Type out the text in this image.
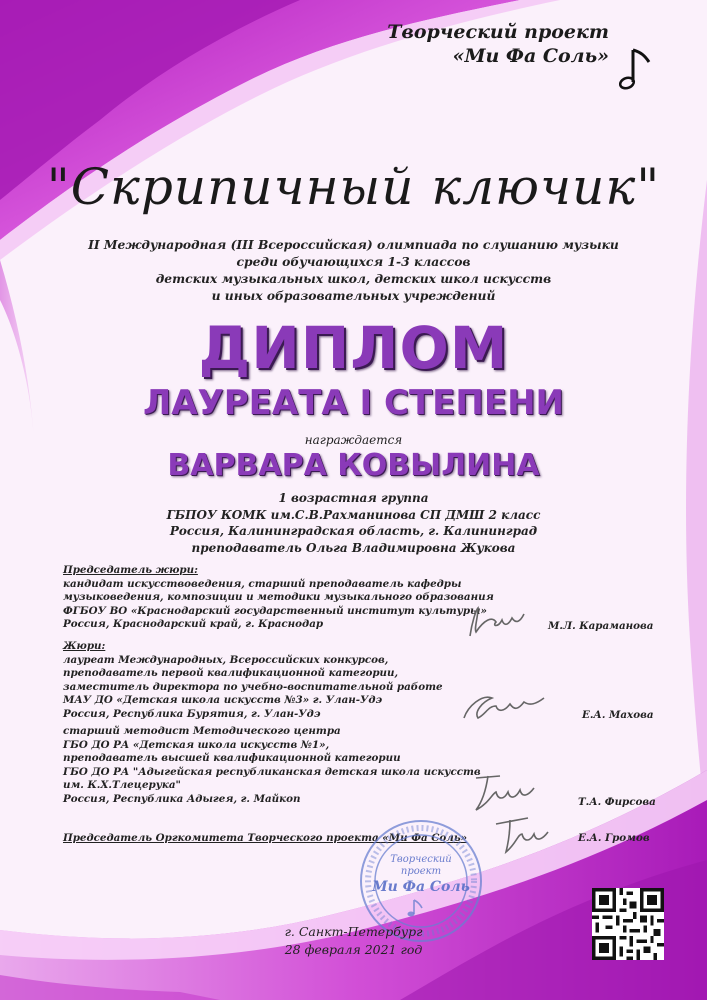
Творческий проект
«Ми Фа Соль»
"Скрипичный ключик"
II Международная (III Всероссийская) олимпиада по слушанию музыки
среди обучающихся 1-3 классов
детских музыкальных школ, детских школ искусств
и иных образовательных учреждений
ДИПЛОМ
ЛАУРЕАТА I СТЕПЕНИ
награждается
ВАРВАРА КОВЫЛИНА
1 возрастная группа
ГБПОУ КОМК им.С.В.Рахманинова СП ДМШ 2 класс
Россия, Калининградская область, г. Калининград
преподаватель Ольга Владимировна Жукова
Председатель жюри:
кандидат искусствоведения, старший преподаватель кафедры
музыковедения, композиции и методики музыкального образования
ФГБОУ ВО «Краснодарский государственный институт культуры»
Россия, Краснодарский край, г. Краснодар	М.Л. Караманова
Жюри:
лауреат Международных, Всероссийских конкурсов,
преподаватель первой квалификационной категории,
заместитель директора по учебно-воспитательной работе
МАУ ДО «Детская школа искусств №3» г. Улан-Удэ
Россия, Республика Бурятия, г. Улан-Удэ	Е.А. Махова
старший методист Методического центра
ГБО ДО РА «Детская школа искусств №1»,
преподаватель высшей квалификационной категории
ГБО ДО РА "Адыгейская республиканская детская школа искусств
им. К.Х.Тлецерука"
Россия, Республика Адыгея, г. Майкоп	Т.А. Фирсова
Председатель Оргкомитета Творческого проекта «Ми Фа Соль»	Е.А. Громов
Творческий
проект
Ми Фа Соль
г. Санкт-Петербург
28 февраля 2021 год
